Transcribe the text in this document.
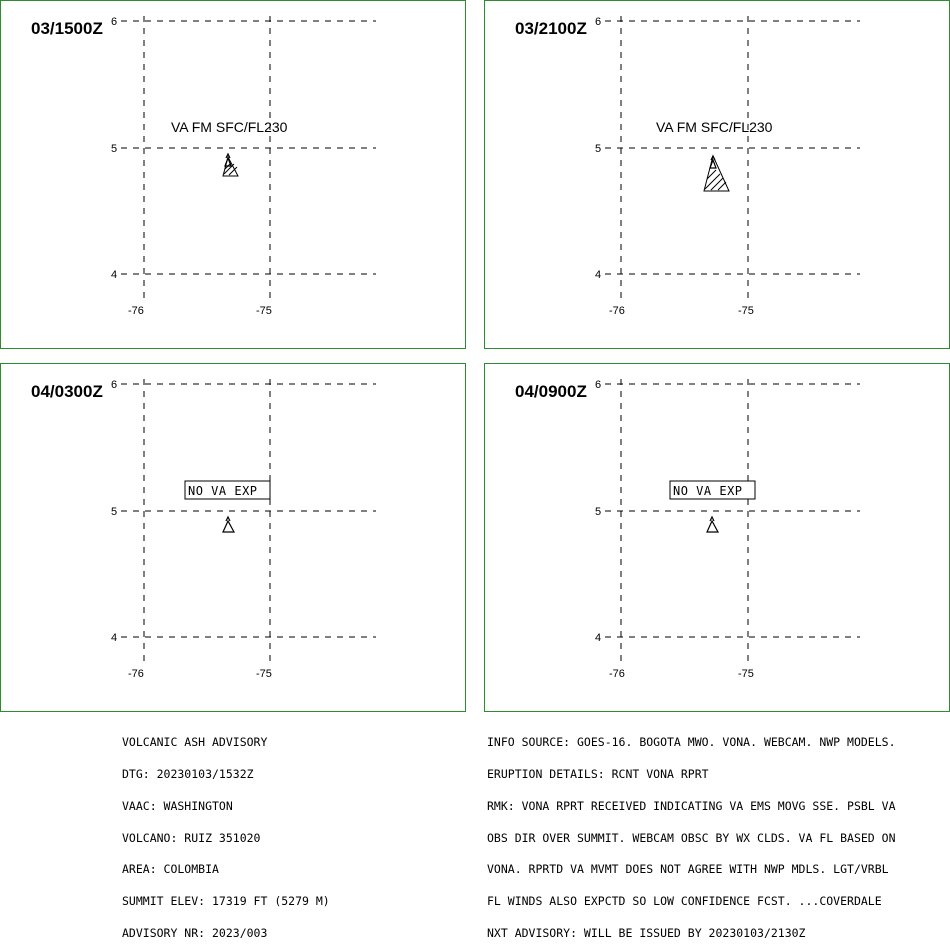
03/1500Z 6
5
4
-76	-75
VA FM SFC/FL230
03/2100Z 6
5
4
-76	-75
VA FM SFC/FL230
04/0300Z 6
5
4
-76	-75
NO VA EXP
04/0900Z 6
5
4
-76	-75
NO VA EXP

VOLCANIC ASH ADVISORY

DTG: 20230103/1532Z

VAAC: WASHINGTON

VOLCANO: RUIZ 351020

AREA: COLOMBIA

SUMMIT ELEV: 17319 FT (5279 M)

ADVISORY NR: 2023/003

INFO SOURCE: GOES-16. BOGOTA MWO. VONA. WEBCAM. NWP MODELS.

ERUPTION DETAILS: RCNT VONA RPRT

RMK: VONA RPRT RECEIVED INDICATING VA EMS MOVG SSE. PSBL VA

OBS DIR OVER SUMMIT. WEBCAM OBSC BY WX CLDS. VA FL BASED ON

VONA. RPRTD VA MVMT DOES NOT AGREE WITH NWP MDLS. LGT/VRBL

FL WINDS ALSO EXPCTD SO LOW CONFIDENCE FCST. ...COVERDALE

NXT ADVISORY: WILL BE ISSUED BY 20230103/2130Z
